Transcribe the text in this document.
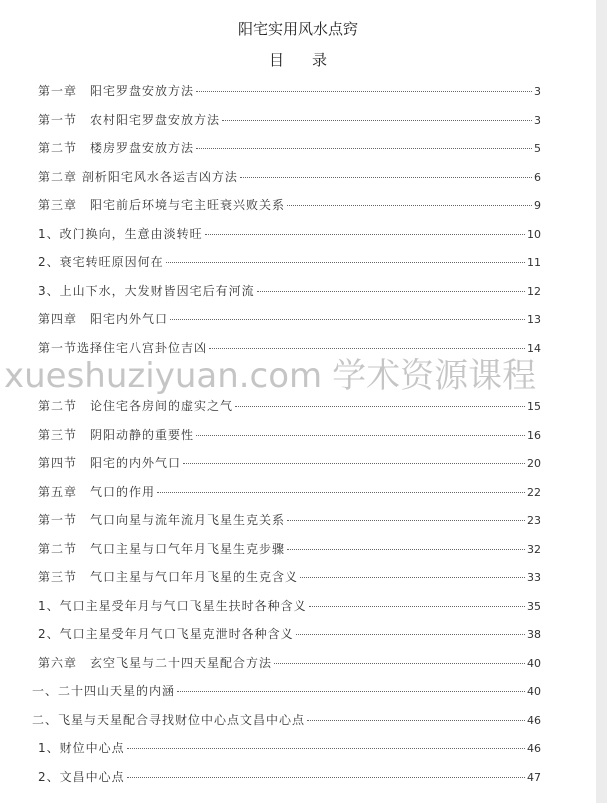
阳宅实用风水点窍
目录
第一章　阳宅罗盘安放方法	3
第一节　农村阳宅罗盘安放方法	3
第二节　楼房罗盘安放方法	5
第二章 剖析阳宅风水各运吉凶方法	6
第三章　阳宅前后环境与宅主旺衰兴败关系	9
1、改门换向，生意由淡转旺	10
2、衰宅转旺原因何在	11
3、上山下水，大发财皆因宅后有河流	12
第四章　阳宅内外气口	13
第一节选择住宅八宫卦位吉凶	14
第二节　论住宅各房间的虚实之气	15
第三节　阴阳动静的重要性	16
第四节　阳宅的内外气口	20
第五章　气口的作用	22
第一节　气口向星与流年流月飞星生克关系	23
第二节　气口主星与口气年月飞星生克步骤	32
第三节　气口主星与气口年月飞星的生克含义	33
1、气口主星受年月与气口飞星生扶时各种含义	35
2、气口主星受年月气口飞星克泄时各种含义	38
第六章　玄空飞星与二十四天星配合方法	40
一、二十四山天星的内涵	40
二、飞星与天星配合寻找财位中心点文昌中心点	46
1、财位中心点	46
2、文昌中心点	47
xueshuziyuan.com 学术资源课程
